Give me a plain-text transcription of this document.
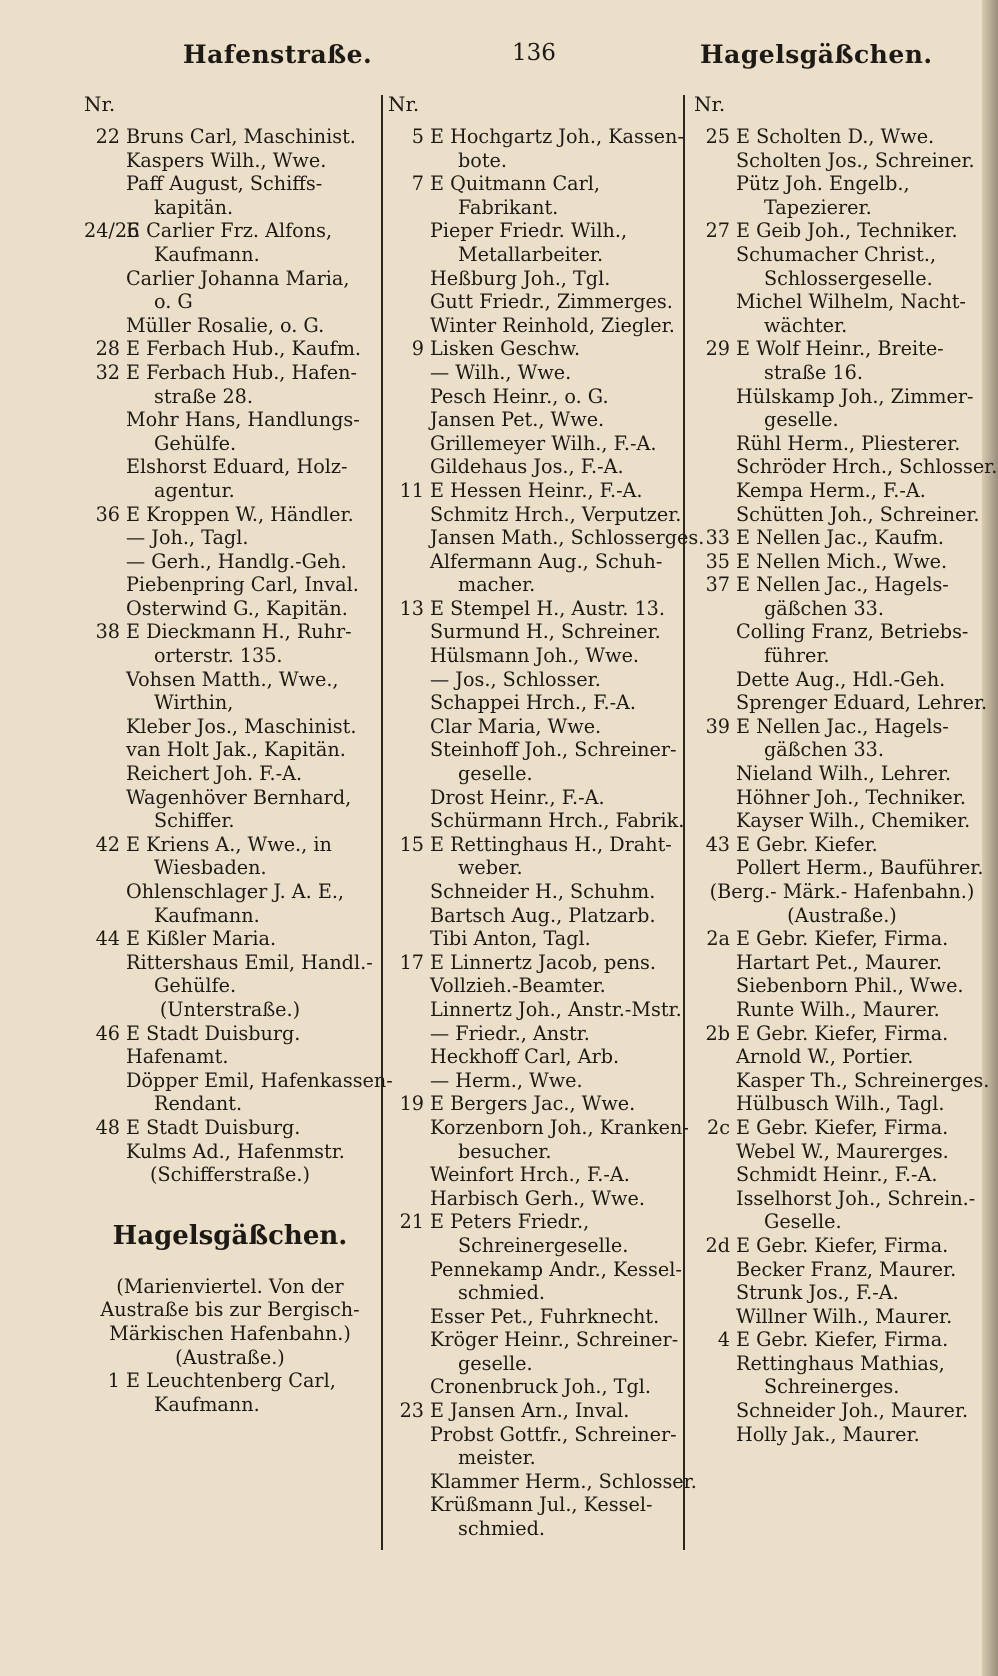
Hafenstraße.	136	Hagelsgäßchen.
Nr.
22 Bruns Carl, Maschinist.
Kaspers Wilh., Wwe.
Paff August, Schiffs-
kapitän.
24/26E Carlier Frz. Alfons,
Kaufmann.
Carlier Johanna Maria,
o. G
Müller Rosalie, o. G.
28 E Ferbach Hub., Kaufm.
32 E Ferbach Hub., Hafen-
straße 28.
Mohr Hans, Handlungs-
Gehülfe.
Elshorst Eduard, Holz-
agentur.
36 E Kroppen W., Händler.
— Joh., Tagl.
— Gerh., Handlg.-Geh.
Piebenpring Carl, Inval.
Osterwind G., Kapitän.
38 E Dieckmann H., Ruhr-
orterstr. 135.
Vohsen Matth., Wwe.,
Wirthin,
Kleber Jos., Maschinist.
van Holt Jak., Kapitän.
Reichert Joh. F.-A.
Wagenhöver Bernhard,
Schiffer.
42 E Kriens A., Wwe., in
Wiesbaden.
Ohlenschlager J. A. E.,
Kaufmann.
44 E Kißler Maria.
Rittershaus Emil, Handl.-
Gehülfe.
(Unterstraße.)
46 E Stadt Duisburg.
Hafenamt.
Döpper Emil, Hafenkassen-
Rendant.
48 E Stadt Duisburg.
Kulms Ad., Hafenmstr.
(Schifferstraße.)
Hagelsgäßchen.
(Marienviertel. Von der
Austraße bis zur Bergisch-
Märkischen Hafenbahn.)
(Austraße.)
1 E Leuchtenberg Carl,
Kaufmann.
Nr.
5 E Hochgartz Joh., Kassen-
bote.
7 E Quitmann Carl,
Fabrikant.
Pieper Friedr. Wilh.,
Metallarbeiter.
Heßburg Joh., Tgl.
Gutt Friedr., Zimmerges.
Winter Reinhold, Ziegler.
9 Lisken Geschw.
— Wilh., Wwe.
Pesch Heinr., o. G.
Jansen Pet., Wwe.
Grillemeyer Wilh., F.-A.
Gildehaus Jos., F.-A.
11 E Hessen Heinr., F.-A.
Schmitz Hrch., Verputzer.
Jansen Math., Schlosserges.
Alfermann Aug., Schuh-
macher.
13 E Stempel H., Austr. 13.
Surmund H., Schreiner.
Hülsmann Joh., Wwe.
— Jos., Schlosser.
Schappei Hrch., F.-A.
Clar Maria, Wwe.
Steinhoff Joh., Schreiner-
geselle.
Drost Heinr., F.-A.
Schürmann Hrch., Fabrik.
15 E Rettinghaus H., Draht-
weber.
Schneider H., Schuhm.
Bartsch Aug., Platzarb.
Tibi Anton, Tagl.
17 E Linnertz Jacob, pens.
Vollzieh.-Beamter.
Linnertz Joh., Anstr.-Mstr.
— Friedr., Anstr.
Heckhoff Carl, Arb.
— Herm., Wwe.
19 E Bergers Jac., Wwe.
Korzenborn Joh., Kranken-
besucher.
Weinfort Hrch., F.-A.
Harbisch Gerh., Wwe.
21 E Peters Friedr.,
Schreinergeselle.
Pennekamp Andr., Kessel-
schmied.
Esser Pet., Fuhrknecht.
Kröger Heinr., Schreiner-
geselle.
Cronenbruck Joh., Tgl.
23 E Jansen Arn., Inval.
Probst Gottfr., Schreiner-
meister.
Klammer Herm., Schlosser.
Krüßmann Jul., Kessel-
schmied.
Nr.
25 E Scholten D., Wwe.
Scholten Jos., Schreiner.
Pütz Joh. Engelb.,
Tapezierer.
27 E Geib Joh., Techniker.
Schumacher Christ.,
Schlossergeselle.
Michel Wilhelm, Nacht-
wächter.
29 E Wolf Heinr., Breite-
straße 16.
Hülskamp Joh., Zimmer-
geselle.
Rühl Herm., Pliesterer.
Schröder Hrch., Schlosser.
Kempa Herm., F.-A.
Schütten Joh., Schreiner.
33 E Nellen Jac., Kaufm.
35 E Nellen Mich., Wwe.
37 E Nellen Jac., Hagels-
gäßchen 33.
Colling Franz, Betriebs-
führer.
Dette Aug., Hdl.-Geh.
Sprenger Eduard, Lehrer.
39 E Nellen Jac., Hagels-
gäßchen 33.
Nieland Wilh., Lehrer.
Höhner Joh., Techniker.
Kayser Wilh., Chemiker.
43 E Gebr. Kiefer.
Pollert Herm., Bauführer.
(Berg.- Märk.- Hafenbahn.)
(Austraße.)
2a E Gebr. Kiefer, Firma.
Hartart Pet., Maurer.
Siebenborn Phil., Wwe.
Runte Wilh., Maurer.
2b E Gebr. Kiefer, Firma.
Arnold W., Portier.
Kasper Th., Schreinerges.
Hülbusch Wilh., Tagl.
2c E Gebr. Kiefer, Firma.
Webel W., Maurerges.
Schmidt Heinr., F.-A.
Isselhorst Joh., Schrein.-
Geselle.
2d E Gebr. Kiefer, Firma.
Becker Franz, Maurer.
Strunk Jos., F.-A.
Willner Wilh., Maurer.
4 E Gebr. Kiefer, Firma.
Rettinghaus Mathias,
Schreinerges.
Schneider Joh., Maurer.
Holly Jak., Maurer.
